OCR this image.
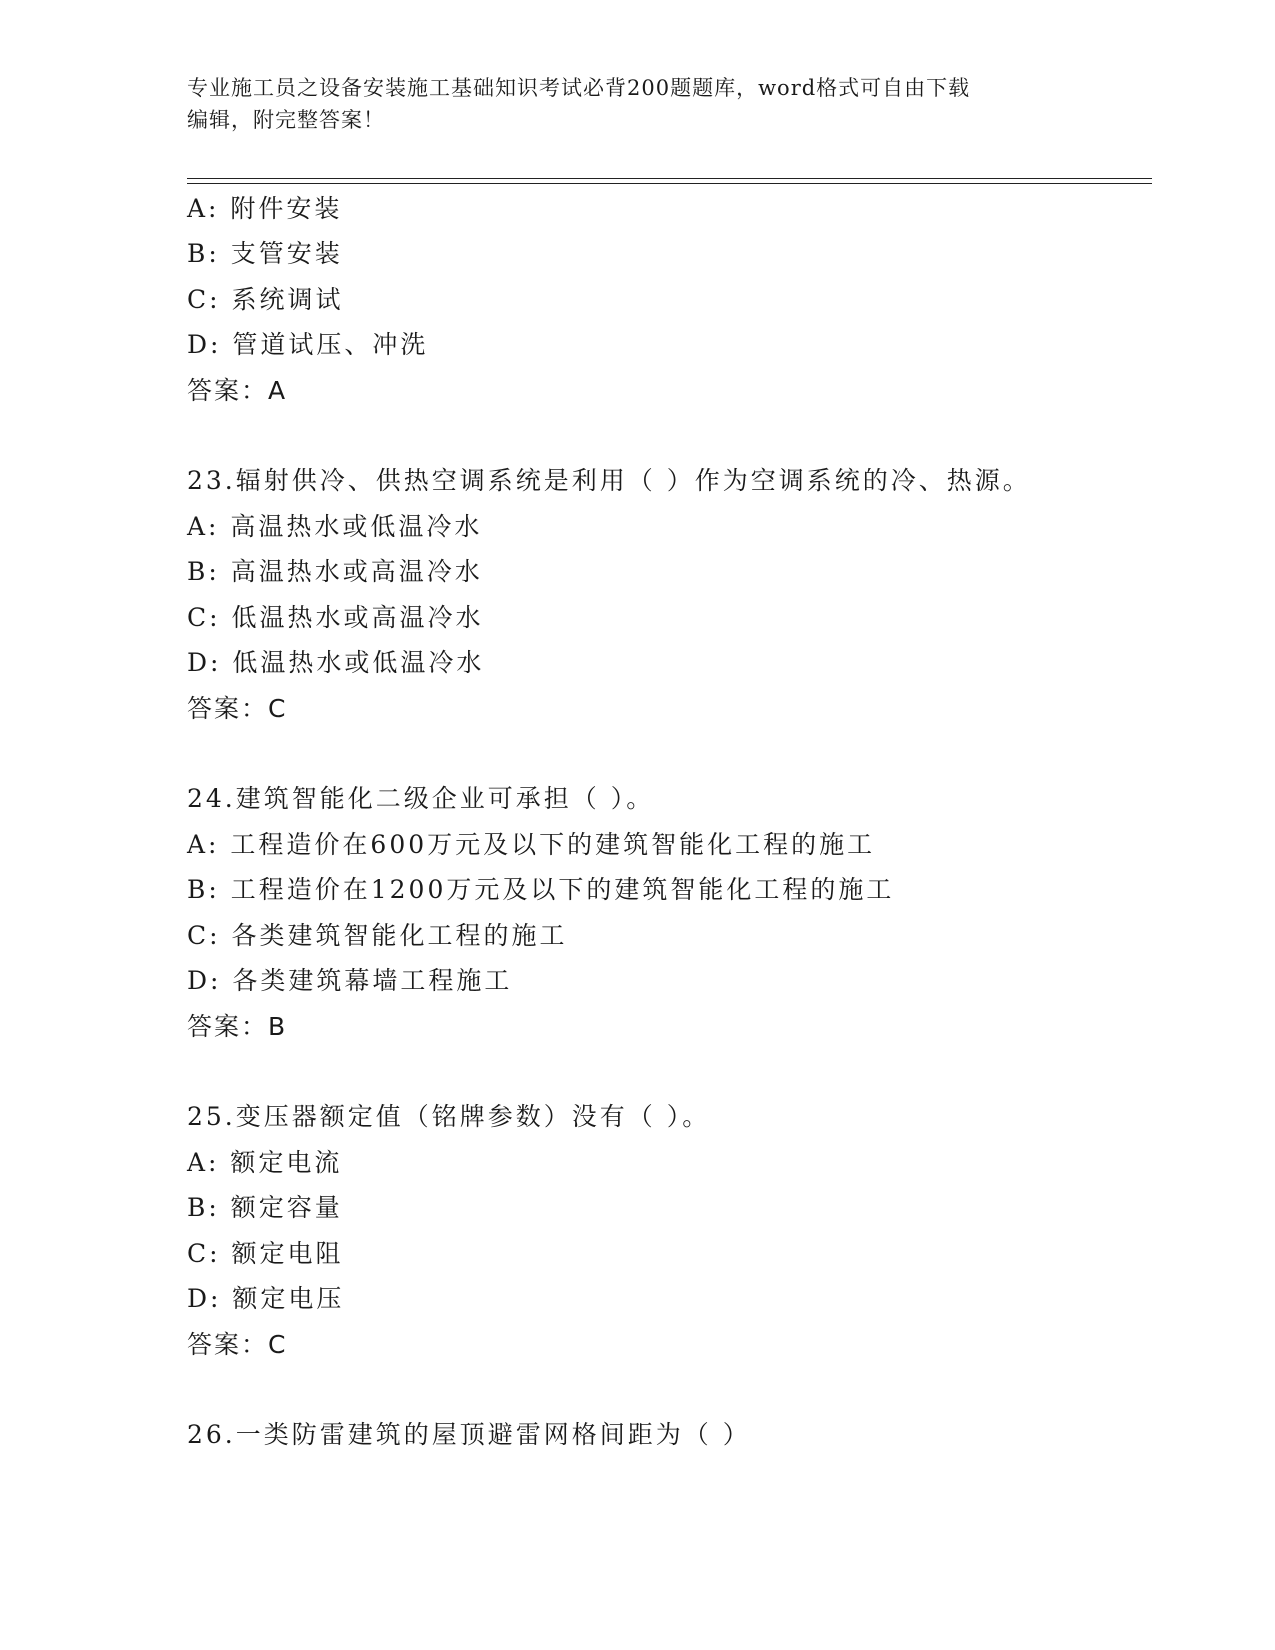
专业施工员之设备安装施工基础知识考试必背200题题库，word格式可自由下载
编辑，附完整答案！
A: 附件安装
B: 支管安装
C: 系统调试
D: 管道试压、冲洗
答案：A
23.辐射供冷、供热空调系统是利用（ ）作为空调系统的冷、热源。
A: 高温热水或低温冷水
B: 高温热水或高温冷水
C: 低温热水或高温冷水
D: 低温热水或低温冷水
答案：C
24.建筑智能化二级企业可承担（ ）。
A: 工程造价在600万元及以下的建筑智能化工程的施工
B: 工程造价在1200万元及以下的建筑智能化工程的施工
C: 各类建筑智能化工程的施工
D: 各类建筑幕墙工程施工
答案：B
25.变压器额定值（铭牌参数）没有（ ）。
A: 额定电流
B: 额定容量
C: 额定电阻
D: 额定电压
答案：C
26.一类防雷建筑的屋顶避雷网格间距为（ ）
